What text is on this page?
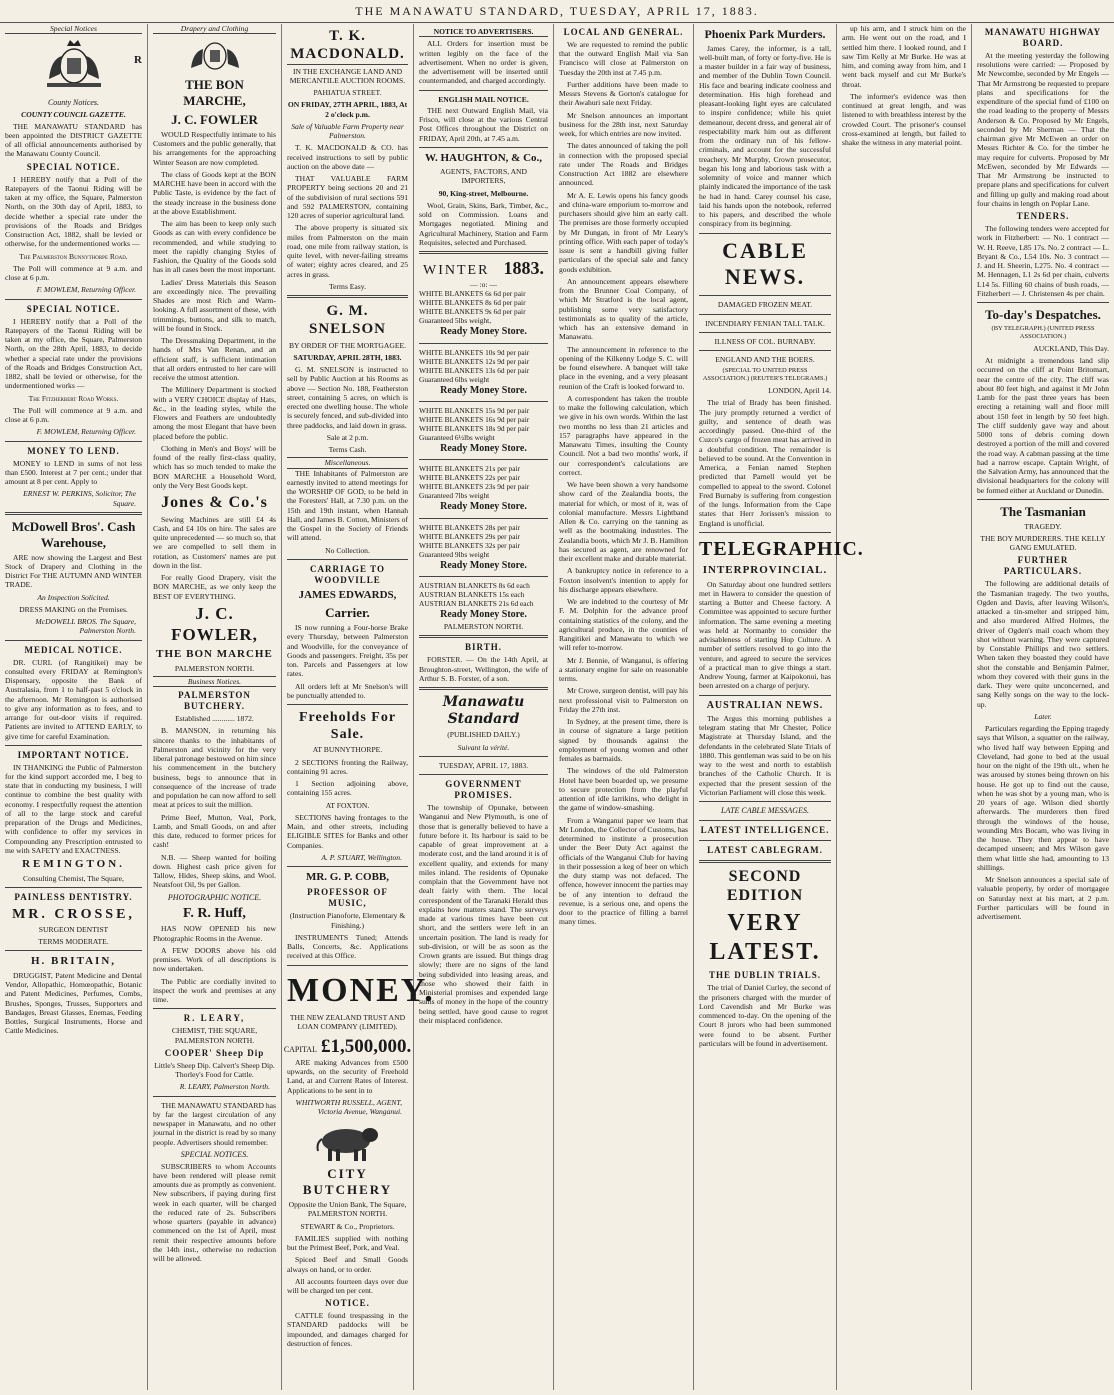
THE MANAWATU STANDARD, TUESDAY, APRIL 17, 1883.
Special Notices
R
County Notices.
COUNTY COUNCIL GAZETTE.

THE MANAWATU STANDARD has been appointed the DISTRICT GAZETTE of all official announcements authorised by the Manawatu County Council.

SPECIAL NOTICE.

I HEREBY notify that a Poll of the Ratepayers of the Taonui Riding will be taken at my office, the Square, Palmerston North, on the 30th day of April, 1883, to decide whether a special rate under the provisions of the Roads and Bridges Construction Act, 1882, shall be levied or otherwise, for the undermentioned works —

The Palmerston Bunnythorpe Road.

The Poll will commence at 9 a.m. and close at 6 p.m.

F. MOWLEM, Returning Officer.

SPECIAL NOTICE.

I HEREBY notify that a Poll of the Ratepayers of the Taonui Riding will be taken at my office, the Square, Palmerston North, on the 28th April, 1883, to decide whether a special rate under the provisions of the Roads and Bridges Construction Act, 1882, shall be levied or otherwise, for the undermentioned works —

The Fitzherbert Road Works.

The Poll will commence at 9 a.m. and close at 6 p.m.

F. MOWLEM, Returning Officer.

MONEY TO LEND.

MONEY to LEND in sums of not less than £500. Interest at 7 per cent.; under that amount at 8 per cent. Apply to

ERNEST W. PERKINS, Solicitor, The Square.

McDowell Bros'. Cash Warehouse,

ARE now showing the Largest and Best Stock of Drapery and Clothing in the District For THE AUTUMN AND WINTER TRADE.

An Inspection Solicited.

DRESS MAKING on the Premises.

McDOWELL BROS. The Square, Palmerston North.

MEDICAL NOTICE.

DR. CURL (of Rangitikei) may be consulted every FRIDAY at Remington's Dispensary, opposite the Bank of Australasia, from 1 to half-past 5 o'clock in the afternoon. Mr Remington is authorised to give any information as to fees, and to arrange for out-door visits if required. Patients are invited to ATTEND EARLY, to give time for careful Examination.

IMPORTANT NOTICE.

IN THANKING the Public of Palmerston for the kind support accorded me, I beg to state that in conducting my business, I will continue to combine the best quality with economy. I respectfully request the attention of all to the large stock and careful preparation of the Drugs and Medicines, with confidence to offer my services in Compounding any Prescription entrusted to me with SAFETY and EXACTNESS.

REMINGTON.

Consulting Chemist, The Square,

PAINLESS DENTISTRY.
MR. CROSSE,

SURGEON DENTIST

TERMS MODERATE.

H. BRITAIN,

DRUGGIST, Patent Medicine and Dental Vendor, Allopathic, Homœopathic, Botanic and Patent Medicines, Perfumes, Combs, Brushes, Sponges, Trusses, Supporters and Bandages, Breast Glasses, Enemas, Feeding Bottles, Surgical Instruments, Horse and Cattle Medicines.

Drapery and Clothing
THE BON MARCHE,
J. C. FOWLER

WOULD Respectfully intimate to his Customers and the public generally, that his arrangements for the approaching Winter Season are now completed.

The class of Goods kept at the BON MARCHE have been in accord with the Public Taste, is evidence by the fact of the steady increase in the business done at the above Establishment.

The aim has been to keep only such Goods as can with every confidence be recommended, and while studying to meet the rapidly changing Styles of Fashion, the Quality of the Goods sold has in all cases been the most important.

Ladies' Dress Materials this Season are exceedingly nice. The prevailing Shades are most Rich and Warm-looking. A full assortment of these, with trimmings, buttons, and silk to match, will be found in Stock.

The Dressmaking Department, in the hands of Mrs Van Renan, and an efficient staff, is sufficient intimation that all orders entrusted to her care will receive the utmost attention.

The Millinery Department is stocked with a VERY CHOICE display of Hats, &c., in the leading styles, while the Flowers and Feathers are undoubtedly among the most Elegant that have been placed before the public.

Clothing in Men's and Boys' will be found of the really first-class quality, which has so much tended to make the BON MARCHE a Household Word, only the Very Best Goods kept.

Jones & Co.'s

Sewing Machines are still £4 4s Cash, and £4 10s on hire. The sales are quite unprecedented — so much so, that we are compelled to sell them in rotation, as Customers' names are put down in the list.

For really Good Drapery, visit the BON MARCHE, as we only keep the BEST OF EVERYTHING.

J. C. FOWLER,
THE BON MARCHE

PALMERSTON NORTH.

Business Notices.
PALMERSTON BUTCHERY.

Established ............ 1872.

B. MANSON, in returning his sincere thanks to the inhabitants of Palmerston and vicinity for the very liberal patronage bestowed on him since his commencement in the butchery business, begs to announce that in consequence of the increase of trade and population he can now afford to sell meat at prices to suit the million.

Prime Beef, Mutton, Veal, Pork, Lamb, and Small Goods, on and after this date, reduced to former prices for cash!

N.B. — Sheep wanted for boiling down. Highest cash price given for Tallow, Hides, Sheep skins, and Wool. Neatsfoot Oil, 9s per Gallon.

PHOTOGRAPHIC NOTICE.
F. R. Huff,

HAS NOW OPENED his new Photographic Rooms in the Avenue.

A FEW DOORS above his old premises. Work of all descriptions is now undertaken.

The Public are cordially invited to inspect the work and premises at any time.

R. LEARY,

CHEMIST, THE SQUARE, PALMERSTON NORTH.

COOPER' Sheep Dip

Little's Sheep Dip. Calvert's Sheep Dip. Thorley's Food for Cattle.

R. LEARY, Palmerston North.

THE MANAWATU STANDARD has by far the largest circulation of any newspaper in Manawatu, and no other journal in the district is read by so many people. Advertisers should remember.

SPECIAL NOTICES.

SUBSCRIBERS to whom Accounts have been rendered will please remit amounts due as promptly as convenient. New subscribers, if paying during first week in each quarter, will be charged the reduced rate of 2s. Subscribers whose quarters (payable in advance) commenced on the 1st of April, must remit their respective amounts before the 14th inst., otherwise no reduction will be allowed.

T. K. MACDONALD.

IN THE EXCHANGE LAND AND MERCANTILE AUCTION ROOMS.

PAHIATUA STREET.

ON FRIDAY, 27TH APRIL, 1883, At 2 o'clock p.m.

Sale of Valuable Farm Property near Palmerston.

T. K. MACDONALD & CO. has received instructions to sell by public auction on the above date —

THAT VALUABLE FARM PROPERTY being sections 20 and 21 of the subdivision of rural sections 591 and 592 PALMERSTON, containing 120 acres of superior agricultural land.

The above property is situated six miles from Palmerston on the main road, one mile from railway station, is quite level, with never-failing streams of water; eighty acres cleared, and 25 acres in grass.

Terms Easy.

G. M. SNELSON

BY ORDER OF THE MORTGAGEE.

SATURDAY, APRIL 28TH, 1883.

G. M. SNELSON is instructed to sell by Public Auction at his Rooms as above — Section No. 188, Featherston street, containing 5 acres, on which is erected one dwelling house. The whole is securely fenced, and sub-divided into three paddocks, and laid down in grass.

Sale at 2 p.m.

Terms Cash.

Miscellaneous.

THE Inhabitants of Palmerston are earnestly invited to attend meetings for the WORSHIP OF GOD, to be held in the Foresters' Hall, at 7.30 p.m. on the 15th and 19th instant, when Hannah Hall, and James B. Cotton, Ministers of the Gospel in the Society of Friends will attend.

No Collection.

CARRIAGE TO WOODVILLE
JAMES EDWARDS,
Carrier.

IS now running a Four-horse Brake every Thursday, between Palmerston and Woodville, for the conveyance of Goods and passengers. Freight, 35s per ton. Parcels and Passengers at low rates.

All orders left at Mr Snelson's will be punctually attended to.

Freeholds For Sale.

AT BUNNYTHORPE.

2 SECTIONS fronting the Railway, containing 91 acres.

1 Section adjoining above, containing 155 acres.

AT FOXTON.

SECTIONS having frontages to the Main, and other streets, including ELIGIBLE SITES for Banks and other Companies.

A. P. STUART, Wellington.

MR. G. P. COBB,
PROFESSOR OF MUSIC,

(Instruction Pianoforte, Elementary & Finishing.)

INSTRUMENTS Tuned; Attends Balls, Concerts, &c. Applications received at this Office.

MONEY.

THE NEW ZEALAND TRUST AND LOAN COMPANY (LIMITED).

CAPITAL £1,500,000.

ARE making Advances from £500 upwards, on the security of Freehold Land, at and Current Rates of Interest. Applications to be sent in to

WHITWORTH RUSSELL, AGENT, Victoria Avenue, Wanganui.

CITY BUTCHERY

Opposite the Union Bank, The Square, PALMERSTON NORTH.

STEWART & Co., Proprietors.

FAMILIES supplied with nothing but the Primest Beef, Pork, and Veal.

Spiced Beef and Small Goods always on hand, or to order.

All accounts fourteen days over due will be charged ten per cent.

NOTICE.

CATTLE found trespassing in the STANDARD paddocks will be impounded, and damages charged for destruction of fences.

NOTICE TO ADVERTISERS.

ALL Orders for insertion must be written legibly on the face of the advertisement. When no order is given, the advertisement will be inserted until countermanded, and charged accordingly.

ENGLISH MAIL NOTICE.

THE next Outward English Mail, via Frisco, will close at the various Central Post Offices throughout the District on FRIDAY, April 20th, at 7.45 a.m.

W. HAUGHTON, & Co.,

AGENTS, FACTORS, AND IMPORTERS,

90, King-street, Melbourne.

Wool, Grain, Skins, Bark, Timber, &c., sold on Commission. Loans and Mortgages negotiated. Mining and Agricultural Machinery, Station and Farm Requisites, selected and Purchased.

WINTER 1883.
— :o: —

WHITE BLANKETS 6s 6d per pair

WHITE BLANKETS 8s 6d per pair

WHITE BLANKETS 9s 6d per pair

Guaranteed 5lbs weight,

Ready Money Store.

WHITE BLANKETS 10s 9d per pair

WHITE BLANKETS 12s 9d per pair

WHITE BLANKETS 13s 6d per pair

Guaranteed 6lbs weight

Ready Money Store.

WHITE BLANKETS 15s 9d per pair

WHITE BLANKETS 16s 9d per pair

WHITE BLANKETS 18s 9d per pair

Guaranteed 6½lbs weight

Ready Money Store.

WHITE BLANKETS 21s per pair

WHITE BLANKETS 22s per pair

WHITE BLANKETS 23s 9d per pair

Guaranteed 7lbs weight

Ready Money Store.

WHITE BLANKETS 28s per pair

WHITE BLANKETS 29s per pair

WHITE BLANKETS 32s per pair

Guaranteed 9lbs weight

Ready Money Store.

AUSTRIAN BLANKETS 8s 6d each

AUSTRIAN BLANKETS 15s each

AUSTRIAN BLANKETS 21s 6d each

Ready Money Store.

PALMERSTON NORTH.

BIRTH.

FORSTER. — On the 14th April, at Broughton-street, Wellington, the wife of Arthur S. B. Forster, of a son.

Manawatu Standard

(PUBLISHED DAILY.)

Suivant la vérité.

TUESDAY, APRIL 17, 1883.

GOVERNMENT PROMISES.

The township of Opunake, between Wanganui and New Plymouth, is one of those that is generally believed to have a future before it. Its harbour is said to be capable of great improvement at a moderate cost, and the land around it is of excellent quality, and extends for many miles inland. The residents of Opunake complain that the Government have not dealt fairly with them. The local correspondent of the Taranaki Herald thus explains how matters stand. The surveys made at various times have been cut short, and the settlers were left in an uncertain position. The land is ready for sub-division, or will be as soon as the Crown grants are issued. But things drag slowly; there are no signs of the land being subdivided into leasing areas, and those who showed their faith in Ministerial promises and expended large sums of money in the hope of the country being settled, have good cause to regret their misplaced confidence.

LOCAL AND GENERAL.

We are requested to remind the public that the outward English Mail via San Francisco will close at Palmerston on Tuesday the 20th inst at 7.45 p.m.

Further additions have been made to Messrs Stevens & Gorton's catalogue for their Awahuri sale next Friday.

Mr Snelson announces an important business for the 28th inst, next Saturday week, for which entries are now invited.

The dates announced of taking the poll in connection with the proposed special rate under The Roads and Bridges Construction Act 1882 are elsewhere announced.

Mr A. E. Lewis opens his fancy goods and china-ware emporium to-morrow and purchasers should give him an early call. The premises are those formerly occupied by Mr Dungan, in front of Mr Leary's printing office. With each paper of today's issue is sent a handbill giving fuller particulars of the special sale and fancy goods exhibition.

An announcement appears elsewhere from the Brunner Coal Company, of which Mr Stratford is the local agent, publishing some very satisfactory testimonials as to quality of the article, which has an extensive demand in Manawatu.

The announcement in reference to the opening of the Kilkenny Lodge S. C. will be found elsewhere. A banquet will take place in the evening, and a very pleasant reunion of the Craft is looked forward to.

A correspondent has taken the trouble to make the following calculation, which we give in his own words. Within the last two months no less than 21 articles and 157 paragraphs have appeared in the Manawatu Times, insulting the County Council. Not a bad two months' work, if our correspondent's calculations are correct.

We have been shown a very handsome show card of the Zealandia boots, the material for which, or most of it, was of colonial manufacture. Messrs Lightband Allen & Co. carrying on the tanning as well as the bootmaking industries. The Zealandia boots, which Mr J. B. Hamilton has secured as agent, are renowned for their excellent make and durable material.

A bankruptcy notice in reference to a Foxton insolvent's intention to apply for his discharge appears elsewhere.

We are indebted to the courtesy of Mr F. M. Dolphin for the advance proof containing statistics of the colony, and the agricultural produce, in the counties of Rangitikei and Manawatu to which we will refer to-morrow.

Mr J. Bennie, of Wanganui, is offering a stationary engine for sale on reasonable terms.

Mr Crowe, surgeon dentist, will pay his next professional visit to Palmerston on Friday the 27th inst.

In Sydney, at the present time, there is in course of signature a large petition signed by thousands against the employment of young women and other females as barmaids.

The windows of the old Palmerston Hotel have been boarded up, we presume to secure protection from the playful attention of idle larrikins, who delight in the game of window-smashing.

From a Wanganui paper we learn that Mr London, the Collector of Customs, has determined to institute a prosecution under the Beer Duty Act against the officials of the Wanganui Club for having in their possession a keg of beer on which the duty stamp was not defaced. The offence, however innocent the parties may be of any intention to defraud the revenue, is a serious one, and opens the door to the practice of filling a barrel many times.

Phoenix Park Murders.

James Carey, the informer, is a tall, well-built man, of forty or forty-five. He is a master builder in a fair way of business, and member of the Dublin Town Council. His face and bearing indicate coolness and determination. His high forehead and pleasant-looking light eyes are calculated to inspire confidence; while his quiet demeanour, decent dress, and general air of respectability mark him out as different from the ordinary run of his fellow-criminals, and account for the successful treachery. Mr Murphy, Crown prosecutor, began his long and laborious task with a solemnity of voice and manner which plainly indicated the importance of the task he had in hand. Carey counsel his case, laid his hands upon the notebook, referred to his papers, and described the whole conspiracy from its beginning.

CABLE NEWS.

DAMAGED FROZEN MEAT.

INCENDIARY FENIAN TALL TALK.

ILLNESS OF COL. BURNABY.

ENGLAND AND THE BOERS.

(SPECIAL TO UNITED PRESS ASSOCIATION.) (REUTER'S TELEGRAMS.)

LONDON, April 14.

The trial of Brady has been finished. The jury promptly returned a verdict of guilty, and sentence of death was accordingly passed. One-third of the Cuzco's cargo of frozen meat has arrived in a doubtful condition. The remainder is believed to be sound. At the Convention in America, a Fenian named Stephen predicted that Parnell would yet be compelled to appeal to the sword. Colonel Fred Burnaby is suffering from congestion of the lungs. Information from the Cape states that Herr Jorissen's mission to England is unofficial.

TELEGRAPHIC.
INTERPROVINCIAL.

On Saturday about one hundred settlers met in Hawera to consider the question of starting a Butter and Cheese factory. A Committee was appointed to secure further information. The same evening a meeting was held at Normanby to consider the advisableness of starting Hop Culture. A number of settlers resolved to go into the venture, and agreed to secure the services of a practical man to give things a start. Andrew Young, farmer at Kaipokonui, has been arrested on a charge of perjury.

AUSTRALIAN NEWS.

The Argus this morning publishes a telegram stating that Mr Chester, Police Magistrate at Thursday Island, and the defendants in the celebrated Slate Trials of 1880. This gentleman was said to be on his way to the west and north to establish branches of the Catholic Church. It is expected that the present session of the Victorian Parliament will close this week.

LATE CABLE MESSAGES.
LATEST INTELLIGENCE.
LATEST CABLEGRAM.
SECOND EDITION
VERY LATEST.
THE DUBLIN TRIALS.

The trial of Daniel Curley, the second of the prisoners charged with the murder of Lord Cavendish and Mr Burke was commenced to-day. On the opening of the Court 8 jurors who had been summoned were found to be absent. Further particulars will be found in advertisement.

up his arm, and I struck him on the arm. He went out on the road, and I settled him there. I looked round, and I saw Tim Kelly at Mr Burke. He was at him, and coming away from him, and I went back myself and cut Mr Burke's throat.

The informer's evidence was then continued at great length, and was listened to with breathless interest by the crowded Court. The prisoner's counsel cross-examined at length, but failed to shake the witness in any material point.

MANAWATU HIGHWAY BOARD.

At the meeting yesterday the following resolutions were carried: — Proposed by Mr Newcombe, seconded by Mr Engels — That Mr Armstrong be requested to prepare plans and specifications for the expenditure of the special fund of £100 on the road leading to the property of Messrs Anderson & Co. Proposed by Mr Engels, seconded by Mr Sherman — That the chairman give Mr McEwen an order on Messrs Richter & Co. for the timber he may require for culverts. Proposed by Mr McEwen, seconded by Mr Edwards — That Mr Armstrong be instructed to prepare plans and specifications for culvert and filling up gully and making road about four chains in length on Poplar Lane.

TENDERS.

The following tenders were accepted for work in Fitzherbert: — No. 1 contract — W. H. Reeve, L85 17s. No. 2 contract — L. Bryant & Co., L54 10s. No. 3 contract — J. and H. Sheerin, L275. No. 4 contract — M. Hennagen, L1 2s 6d per chain, culverts L14 5s. Filling 60 chains of bush roads, — Fitzherbert — J. Christensen 4s per chain.

To-day's Despatches.

(BY TELEGRAPH.) (UNITED PRESS ASSOCIATION.)

AUCKLAND, This Day.

At midnight a tremendous land slip occurred on the cliff at Point Britomart, near the centre of the city. The cliff was about 80 feet high, and against it Mr John Lamb for the past three years has been erecting a retaining wall and floor mill about 150 feet in length by 50 feet high. The cliff suddenly gave way and about 5000 tons of debris coming down destroyed a portion of the mill and covered the road way. A cabman passing at the time had a narrow escape. Captain Wright, of the Salvation Army, has announced that the divisional headquarters for the colony will be formed either at Auckland or Dunedin.

The Tasmanian

TRAGEDY.

THE BOY MURDERERS. THE KELLY GANG EMULATED.

FURTHER PARTICULARS.

The following are additional details of the Tasmanian tragedy. The two youths, Ogden and Davis, after leaving Wilson's, attacked a tin-smelter and stripped him, and also murdered Alfred Holmes, the driver of Ogden's mail coach whom they shot without warning. They were captured by Constable Phillips and two settlers. When taken they boasted they could have shot the constable and Benjamin Palmer, whom they covered with their guns in the dark. They were quite unconcerned, and sang Kelly songs on the way to the lock-up.

Later.

Particulars regarding the Epping tragedy says that Wilson, a squatter on the railway, who lived half way between Epping and Cleveland, had gone to bed at the usual hour on the night of the 19th ult., when he was aroused by stones being thrown on his house. He got up to find out the cause, when he was shot by a young man, who is 20 years of age. Wilson died shortly afterwards. The murderers then fired through the windows of the house, wounding Mrs Bocam, who was living in the house. They then appear to have decamped unseen; and Mrs Wilson gave them what little she had, amounting to 13 shillings.

Mr Snelson announces a special sale of valuable property, by order of mortgagee on Saturday next at his mart, at 2 p.m. Further particulars will be found in advertisement.
